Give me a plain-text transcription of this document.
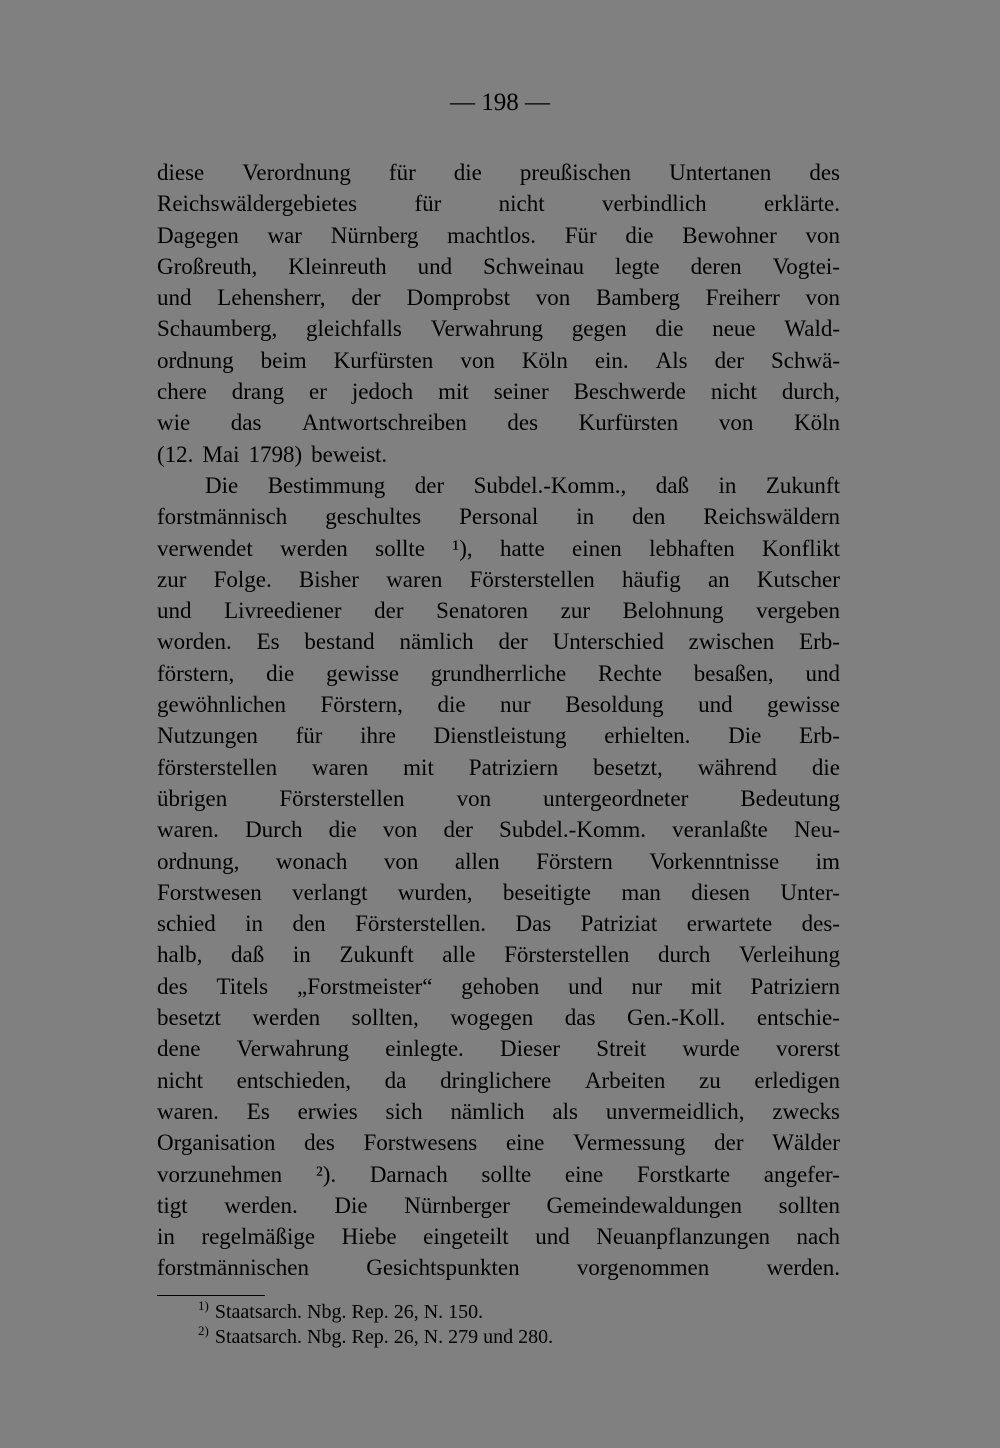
— 198 —
diese Verordnung für die preußischen Untertanen des
Reichswäldergebietes für nicht verbindlich erklärte.
Dagegen war Nürnberg machtlos. Für die Bewohner von
Großreuth, Kleinreuth und Schweinau legte deren Vogtei-
und Lehensherr, der Domprobst von Bamberg Freiherr von
Schaumberg, gleichfalls Verwahrung gegen die neue Wald-
ordnung beim Kurfürsten von Köln ein. Als der Schwä-
chere drang er jedoch mit seiner Beschwerde nicht durch,
wie das Antwortschreiben des Kurfürsten von Köln
(12. Mai 1798) beweist.
Die Bestimmung der Subdel.-Komm., daß in Zukunft
forstmännisch geschultes Personal in den Reichswäldern
verwendet werden sollte ¹), hatte einen lebhaften Konflikt
zur Folge. Bisher waren Försterstellen häufig an Kutscher
und Livreediener der Senatoren zur Belohnung vergeben
worden. Es bestand nämlich der Unterschied zwischen Erb-
förstern, die gewisse grundherrliche Rechte besaßen, und
gewöhnlichen Förstern, die nur Besoldung und gewisse
Nutzungen für ihre Dienstleistung erhielten. Die Erb-
försterstellen waren mit Patriziern besetzt, während die
übrigen Försterstellen von untergeordneter Bedeutung
waren. Durch die von der Subdel.-Komm. veranlaßte Neu-
ordnung, wonach von allen Förstern Vorkenntnisse im
Forstwesen verlangt wurden, beseitigte man diesen Unter-
schied in den Försterstellen. Das Patriziat erwartete des-
halb, daß in Zukunft alle Försterstellen durch Verleihung
des Titels „Forstmeister“ gehoben und nur mit Patriziern
besetzt werden sollten, wogegen das Gen.-Koll. entschie-
dene Verwahrung einlegte. Dieser Streit wurde vorerst
nicht entschieden, da dringlichere Arbeiten zu erledigen
waren. Es erwies sich nämlich als unvermeidlich, zwecks
Organisation des Forstwesens eine Vermessung der Wälder
vorzunehmen ²). Darnach sollte eine Forstkarte angefer-
tigt werden. Die Nürnberger Gemeindewaldungen sollten
in regelmäßige Hiebe eingeteilt und Neuanpflanzungen nach
forstmännischen Gesichtspunkten vorgenommen werden.
$^{1)}$ Staatsarch. Nbg. Rep. 26, N. 150.
$^{2)}$ Staatsarch. Nbg. Rep. 26, N. 279 und 280.
